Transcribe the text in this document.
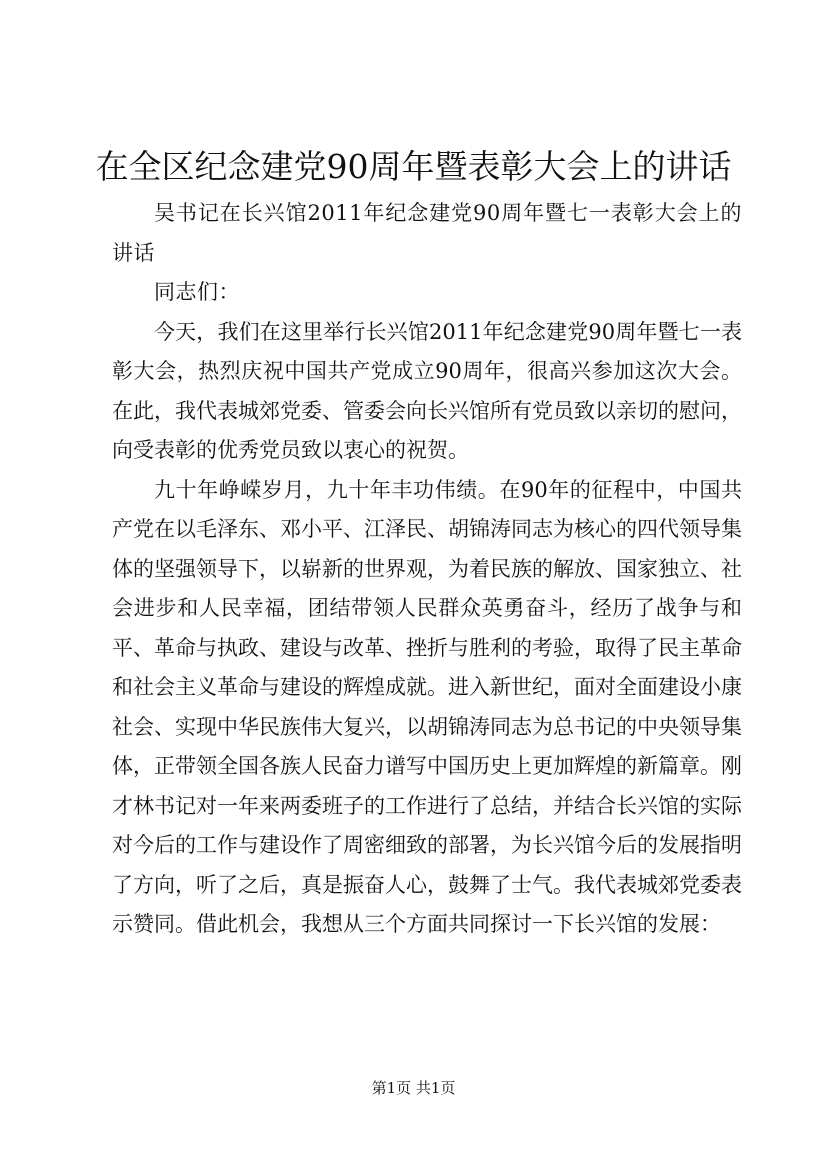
在全区纪念建党90周年暨表彰大会上的讲话

吴书记在长兴馆2011年纪念建党90周年暨七一表彰大会上的讲话

同志们：

今天，我们在这里举行长兴馆2011年纪念建党90周年暨七一表彰大会，热烈庆祝中国共产党成立90周年，很高兴参加这次大会。在此，我代表城郊党委、管委会向长兴馆所有党员致以亲切的慰问，向受表彰的优秀党员致以衷心的祝贺。

九十年峥嵘岁月，九十年丰功伟绩。在90年的征程中，中国共产党在以毛泽东、邓小平、江泽民、胡锦涛同志为核心的四代领导集体的坚强领导下，以崭新的世界观，为着民族的解放、国家独立、社会进步和人民幸福，团结带领人民群众英勇奋斗，经历了战争与和平、革命与执政、建设与改革、挫折与胜利的考验，取得了民主革命和社会主义革命与建设的辉煌成就。进入新世纪，面对全面建设小康社会、实现中华民族伟大复兴，以胡锦涛同志为总书记的中央领导集体，正带领全国各族人民奋力谱写中国历史上更加辉煌的新篇章。刚才林书记对一年来两委班子的工作进行了总结，并结合长兴馆的实际对今后的工作与建设作了周密细致的部署，为长兴馆今后的发展指明了方向，听了之后，真是振奋人心，鼓舞了士气。我代表城郊党委表示赞同。借此机会，我想从三个方面共同探讨一下长兴馆的发展：

第1页 共1页
